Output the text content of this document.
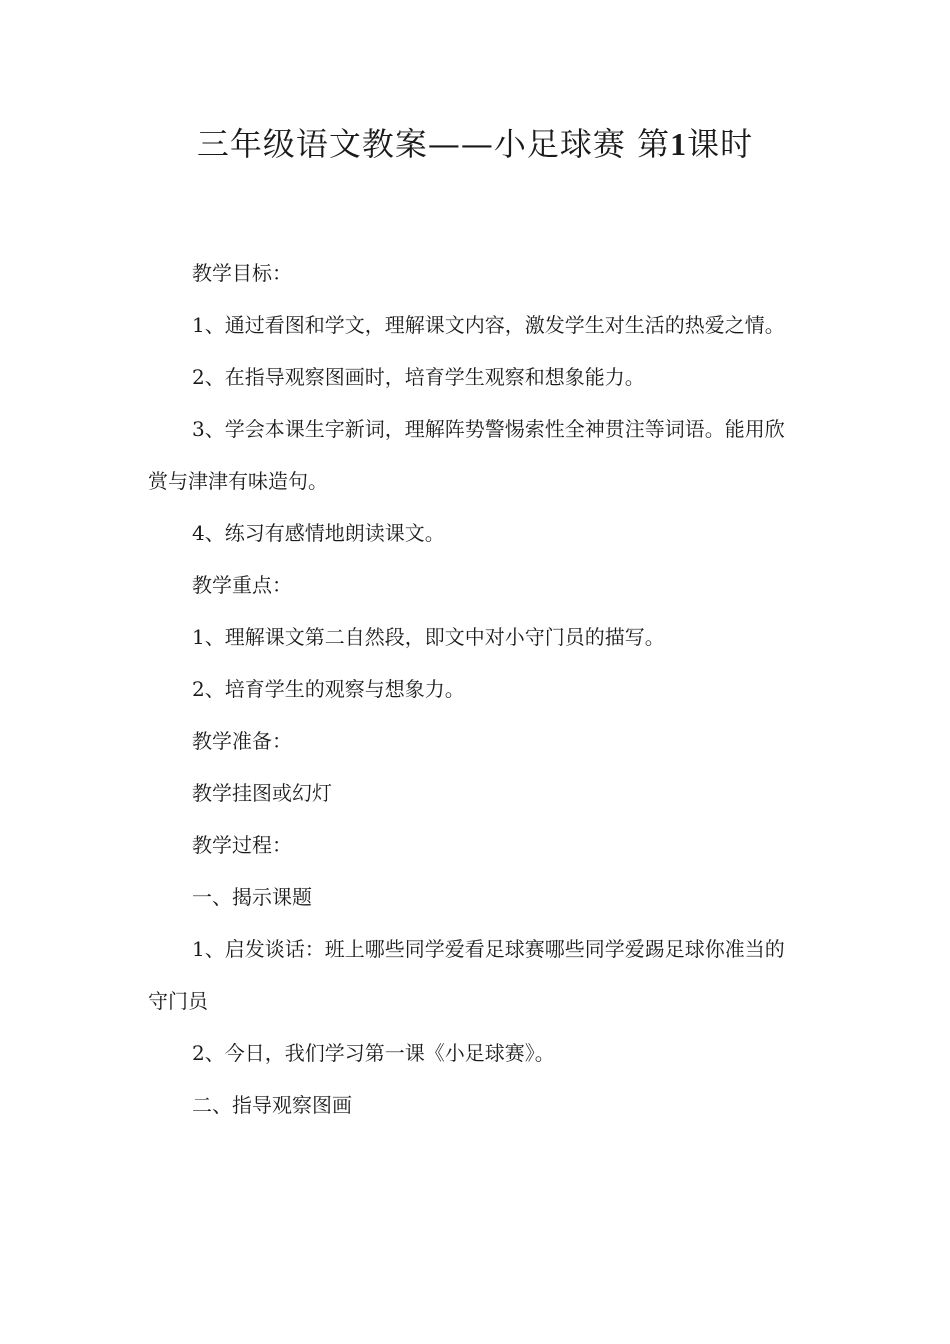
三年级语文教案——小足球赛 第1课时

教学目标：

1、通过看图和学文，理解课文内容，激发学生对生活的热爱之情。

2、在指导观察图画时，培育学生观察和想象能力。

3、学会本课生字新词，理解阵势警惕索性全神贯注等词语。能用欣赏与津津有味造句。

4、练习有感情地朗读课文。

教学重点：

1、理解课文第二自然段，即文中对小守门员的描写。

2、培育学生的观察与想象力。

教学准备：

教学挂图或幻灯

教学过程：

一、揭示课题

1、启发谈话：班上哪些同学爱看足球赛哪些同学爱踢足球你准当的守门员

2、今日，我们学习第一课《小足球赛》。

二、指导观察图画
